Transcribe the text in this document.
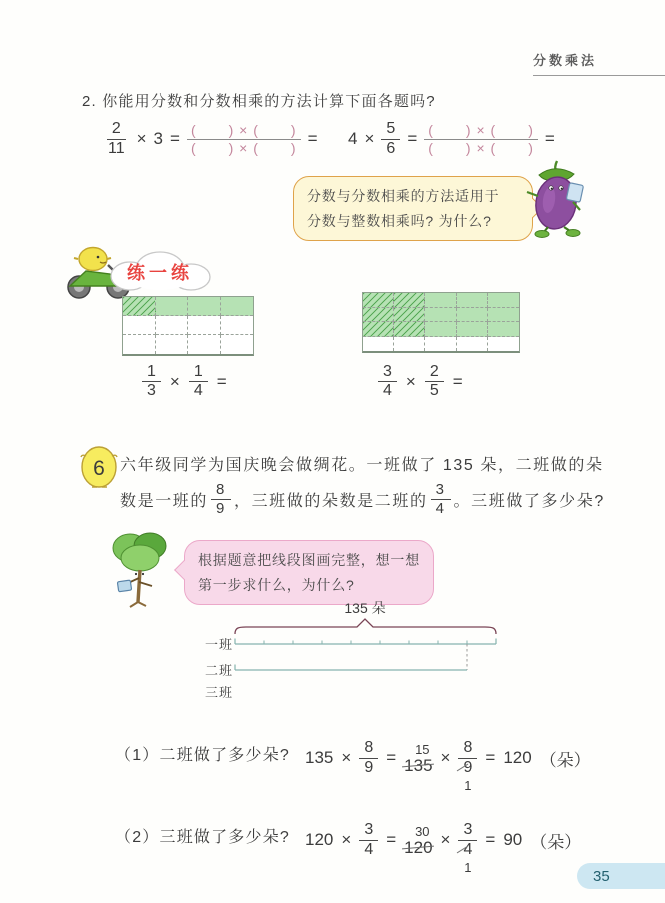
分数乘法
2. 你能用分数和分数相乘的方法计算下面各题吗?
$\frac{2}{11} \times 3 = \frac{( ) \times ( )}{( ) \times ( )} = 4 \times \frac{5}{6} = \frac{( ) \times ( )}{( ) \times ( )}$ =
分数与分数相乘的方法适用于
分数与整数相乘吗? 为什么?
练一练
$\frac{1}{3} \times \frac{1}{4}$ =	$\frac{3}{4} \times \frac{2}{5}$ =
6 六年级同学为国庆晚会做绸花。一班做了 135 朵，二班做的朵
数是一班的 $\frac{8}{9}$ ，三班做的朵数是二班的 $\frac{3}{4}$ 。三班做了多少朵?
根据题意把线段图画完整，想一想
第一步求什么，为什么?
135 朵
一班
二班
三班
（1）二班做了多少朵? $135 \times \frac{8}{9} = 15$
135 ×
8
9
1
= 120 （朵）
（2）三班做了多少朵? $120 \times \frac{3}{4} = 30$
120 ×
3
4
1
= 90 （朵）
35
